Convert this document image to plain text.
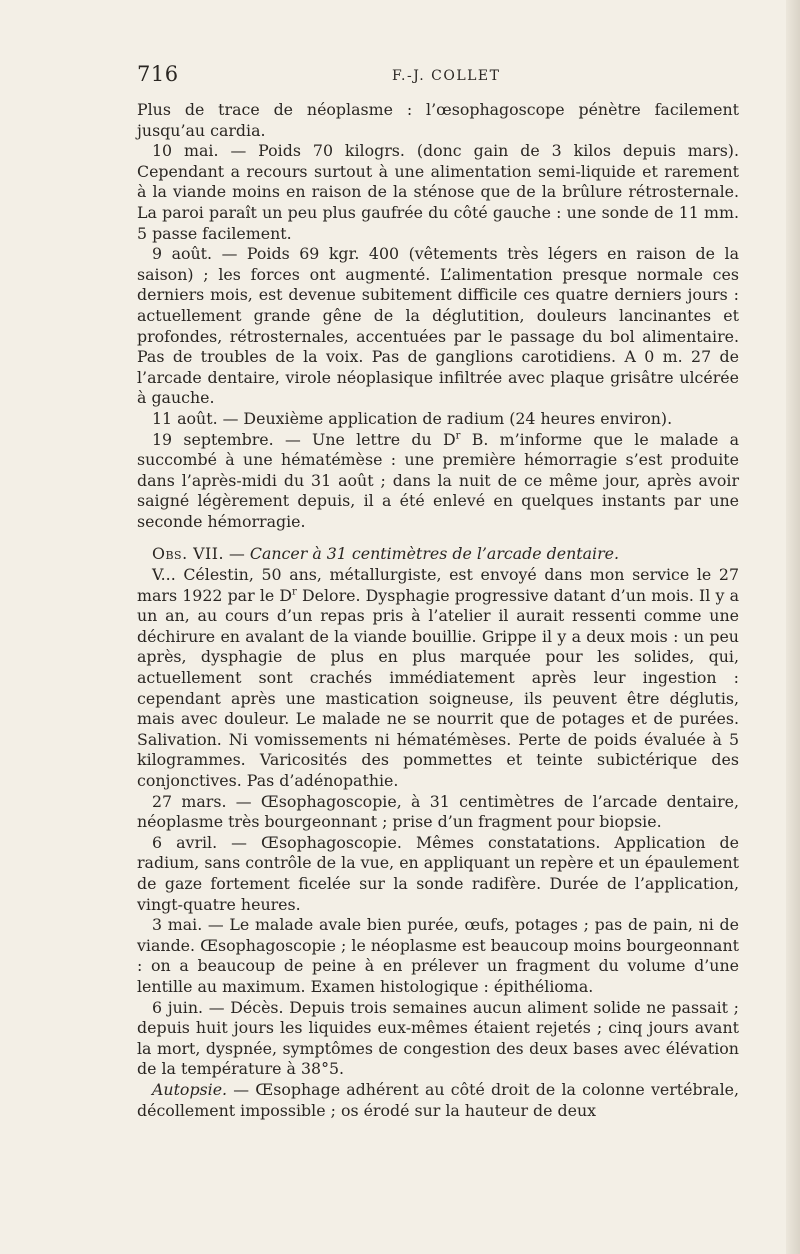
716	F.-J. COLLET

Plus de trace de néoplasme : l’œsophagoscope pénètre facilement jusqu’au cardia.

10 mai. — Poids 70 kilogrs. (donc gain de 3 kilos depuis mars). Cependant a recours surtout à une alimentation semi-liquide et rarement à la viande moins en raison de la sténose que de la brûlure rétrosternale. La paroi paraît un peu plus gaufrée du côté gauche : une sonde de 11 mm. 5 passe facilement.

9 août. — Poids 69 kgr. 400 (vêtements très légers en raison de la saison) ; les forces ont augmenté. L’alimentation presque normale ces derniers mois, est devenue subitement difficile ces quatre derniers jours : actuellement grande gêne de la déglutition, douleurs lancinantes et profondes, rétrosternales, accentuées par le passage du bol alimentaire. Pas de troubles de la voix. Pas de ganglions carotidiens. A 0 m. 27 de l’arcade dentaire, virole néoplasique infiltrée avec plaque grisâtre ulcérée à gauche.

11 août. — Deuxième application de radium (24 heures environ).

19 septembre. — Une lettre du $D^r$ B. m’informe que le malade a succombé à une hématémèse : une première hémorragie s’est produite dans l’après-midi du 31 août ; dans la nuit de ce même jour, après avoir saigné légèrement depuis, il a été enlevé en quelques instants par une seconde hémorragie.

Obs. VII. — Cancer à 31 centimètres de l’arcade dentaire.

V... Célestin, 50 ans, métallurgiste, est envoyé dans mon service le 27 mars 1922 par le $D^r$ Delore. Dysphagie progressive datant d’un mois. Il y a un an, au cours d’un repas pris à l’atelier il aurait ressenti comme une déchirure en avalant de la viande bouillie. Grippe il y a deux mois : un peu après, dysphagie de plus en plus marquée pour les solides, qui, actuellement sont crachés immédiatement après leur ingestion : cependant après une mastication soigneuse, ils peuvent être déglutis, mais avec douleur. Le malade ne se nourrit que de potages et de purées. Salivation. Ni vomissements ni hématémèses. Perte de poids évaluée à 5 kilogrammes. Varicosités des pommettes et teinte subictérique des conjonctives. Pas d’adénopathie.

27 mars. — Œsophagoscopie, à 31 centimètres de l’arcade dentaire, néoplasme très bourgeonnant ; prise d’un fragment pour biopsie.

6 avril. — Œsophagoscopie. Mêmes constatations. Application de radium, sans contrôle de la vue, en appliquant un repère et un épaulement de gaze fortement ficelée sur la sonde radifère. Durée de l’application, vingt-quatre heures.

3 mai. — Le malade avale bien purée, œufs, potages ; pas de pain, ni de viande. Œsophagoscopie ; le néoplasme est beaucoup moins bourgeonnant : on a beaucoup de peine à en prélever un fragment du volume d’une lentille au maximum. Examen histologique : épithélioma.

6 juin. — Décès. Depuis trois semaines aucun aliment solide ne passait ; depuis huit jours les liquides eux-mêmes étaient rejetés ; cinq jours avant la mort, dyspnée, symptômes de congestion des deux bases avec élévation de la température à 38°5.

Autopsie. — Œsophage adhérent au côté droit de la colonne vertébrale, décollement impossible ; os érodé sur la hauteur de deux
